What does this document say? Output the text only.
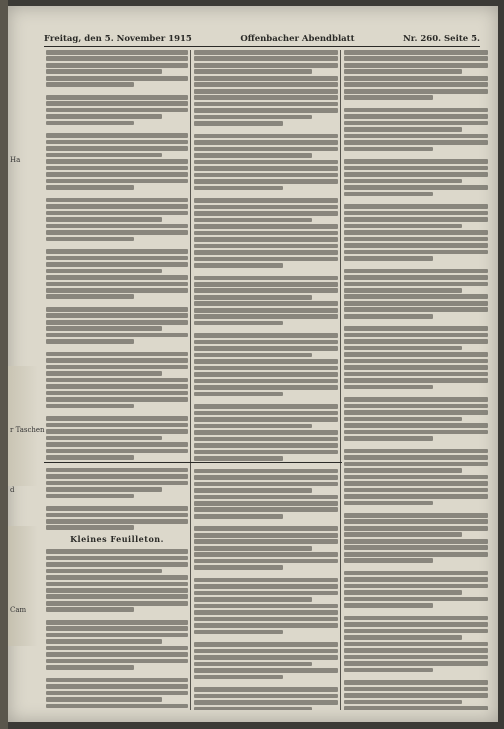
Ha
r Taschen
d
Cam
Freitag, den 5. November 1915	Offenbacher Abendblatt	Nr. 260. Seite 5.
Kleines Feuilleton.
